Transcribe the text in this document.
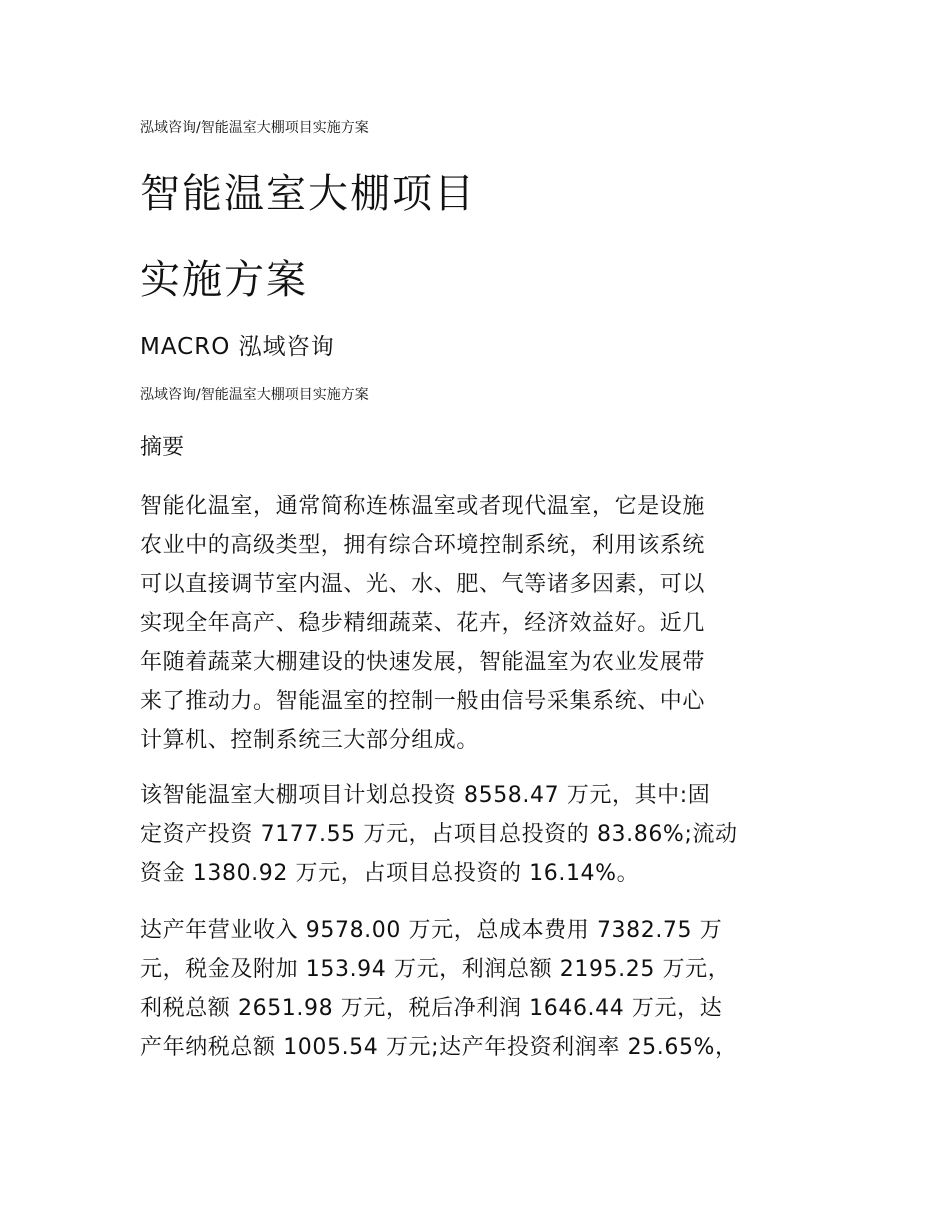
泓域咨询/智能温室大棚项目实施方案
智能温室大棚项目
实施方案
MACRO 泓域咨询
泓域咨询/智能温室大棚项目实施方案
摘要
智能化温室，通常简称连栋温室或者现代温室，它是设施
农业中的高级类型，拥有综合环境控制系统，利用该系统
可以直接调节室内温、光、水、肥、气等诸多因素，可以
实现全年高产、稳步精细蔬菜、花卉，经济效益好。近几
年随着蔬菜大棚建设的快速发展，智能温室为农业发展带
来了推动力。智能温室的控制一般由信号采集系统、中心
计算机、控制系统三大部分组成。
该智能温室大棚项目计划总投资 8558.47 万元，其中:固
定资产投资 7177.55 万元，占项目总投资的 83.86%;流动
资金 1380.92 万元，占项目总投资的 16.14%。
达产年营业收入 9578.00 万元，总成本费用 7382.75 万
元，税金及附加 153.94 万元，利润总额 2195.25 万元，
利税总额 2651.98 万元，税后净利润 1646.44 万元，达
产年纳税总额 1005.54 万元;达产年投资利润率 25.65%，
